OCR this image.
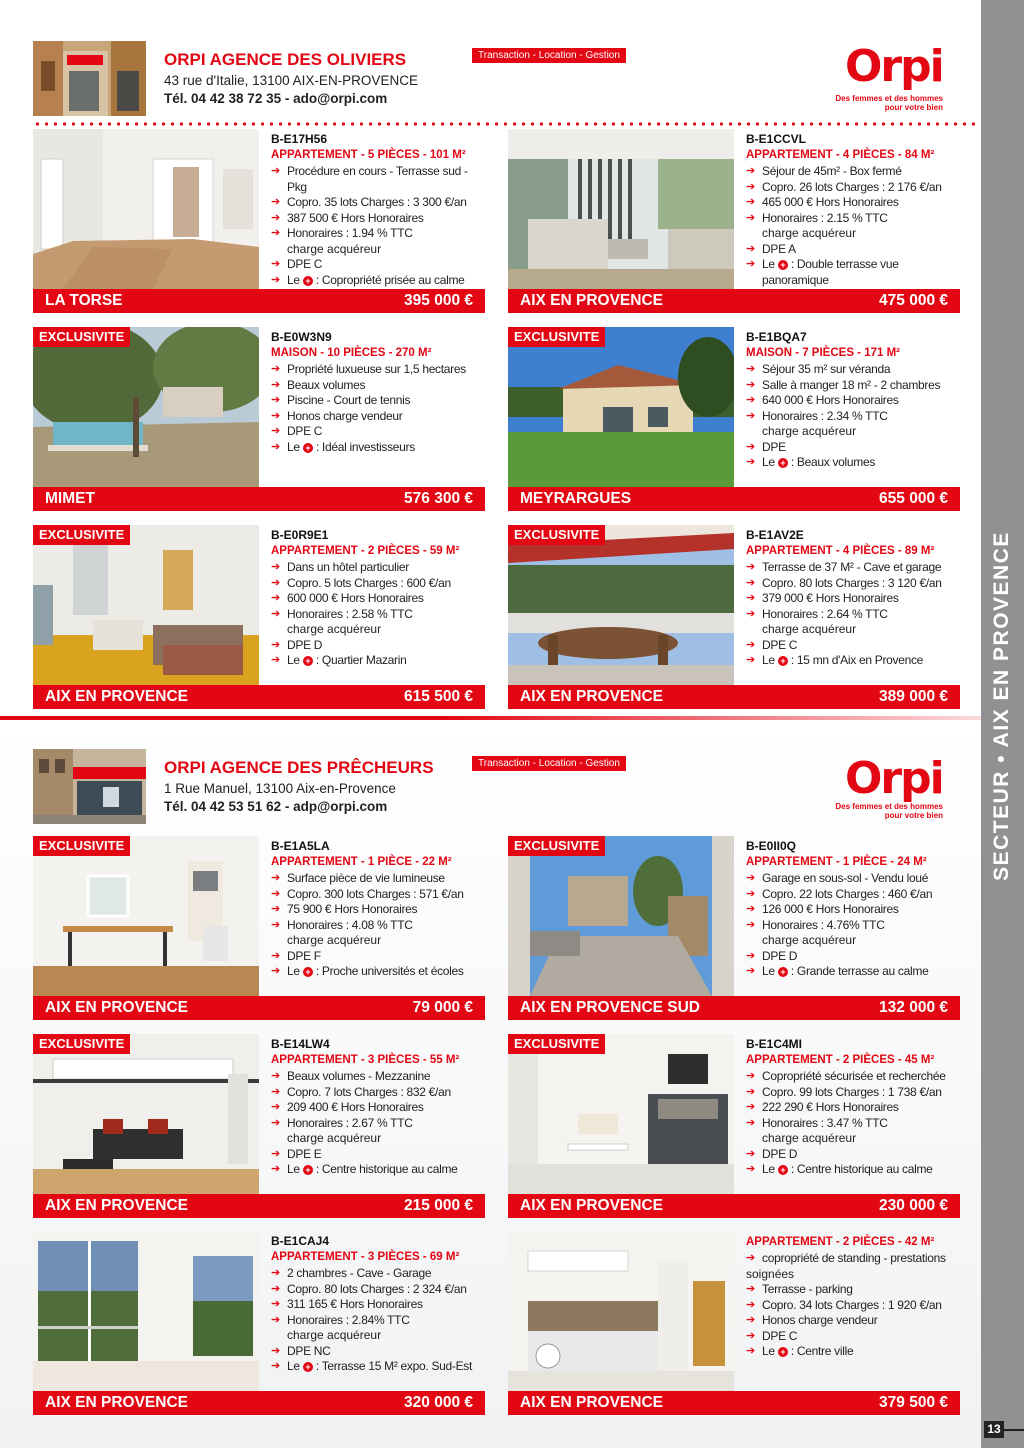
SECTEUR • AIX EN PROVENCE
13
ORPI AGENCE DES OLIVIERS
43 rue d'Italie, 13100 AIX-EN-PROVENCE
Tél. 04 42 38 72 35 - ado@orpi.com
Transaction - Location - Gestion	Orpi
Des femmes et des hommes
pour votre bien
ORPI AGENCE DES PRÊCHEURS
1 Rue Manuel, 13100 Aix-en-Provence
Tél. 04 42 53 51 62 - adp@orpi.com
Transaction - Location - Gestion	Orpi
Des femmes et des hommes
pour votre bien
B-E17H56
APPARTEMENT - 5 PIÈCES - 101 M²
➔ Procédure en cours - Terrasse sud - Pkg
➔ Copro. 35 lots Charges : 3 300 €/an
➔ 387 500 € Hors Honoraires
➔ Honoraires : 1.94 % TTC
charge acquéreur
➔ DPE C
➔ Le + : Copropriété prisée au calme
LA TORSE	395 000 €
B-E1CCVL
APPARTEMENT - 4 PIÈCES - 84 M²
➔ Séjour de 45m² - Box fermé
➔ Copro. 26 lots Charges : 2 176 €/an
➔ 465 000 € Hors Honoraires
➔ Honoraires : 2.15 % TTC
charge acquéreur
➔ DPE A
➔ Le + : Double terrasse vue panoramique
AIX EN PROVENCE	475 000 €
EXCLUSIVITE	B-E0W3N9
MAISON - 10 PIÈCES - 270 M²
➔ Propriété luxueuse sur 1,5 hectares
➔ Beaux volumes
➔ Piscine - Court de tennis
➔ Honos charge vendeur
➔ DPE C
➔ Le + : Idéal investisseurs
MIMET	576 300 €
EXCLUSIVITE	B-E1BQA7
MAISON - 7 PIÈCES - 171 M²
➔ Séjour 35 m² sur véranda
➔ Salle à manger 18 m² - 2 chambres
➔ 640 000 € Hors Honoraires
➔ Honoraires : 2.34 % TTC
charge acquéreur
➔ DPE
➔ Le + : Beaux volumes
MEYRARGUES	655 000 €
EXCLUSIVITE	B-E0R9E1
APPARTEMENT - 2 PIÈCES - 59 M²
➔ Dans un hôtel particulier
➔ Copro. 5 lots Charges : 600 €/an
➔ 600 000 € Hors Honoraires
➔ Honoraires : 2.58 % TTC
charge acquéreur
➔ DPE D
➔ Le + : Quartier Mazarin
AIX EN PROVENCE	615 500 €
EXCLUSIVITE	B-E1AV2E
APPARTEMENT - 4 PIÈCES - 89 M²
➔ Terrasse de 37 M² - Cave et garage
➔ Copro. 80 lots Charges : 3 120 €/an
➔ 379 000 € Hors Honoraires
➔ Honoraires : 2.64 % TTC
charge acquéreur
➔ DPE C
➔ Le + : 15 mn d'Aix en Provence
AIX EN PROVENCE	389 000 €
EXCLUSIVITE	B-E1A5LA
APPARTEMENT - 1 PIÈCE - 22 M²
➔ Surface pièce de vie lumineuse
➔ Copro. 300 lots Charges : 571 €/an
➔ 75 900 € Hors Honoraires
➔ Honoraires : 4.08 % TTC
charge acquéreur
➔ DPE F
➔ Le + : Proche universités et écoles
AIX EN PROVENCE	79 000 €
EXCLUSIVITE	B-E0II0Q
APPARTEMENT - 1 PIÈCE - 24 M²
➔ Garage en sous-sol - Vendu loué
➔ Copro. 22 lots Charges : 460 €/an
➔ 126 000 € Hors Honoraires
➔ Honoraires : 4.76% TTC
charge acquéreur
➔ DPE D
➔ Le + : Grande terrasse au calme
AIX EN PROVENCE SUD	132 000 €
EXCLUSIVITE	B-E14LW4
APPARTEMENT - 3 PIÈCES - 55 M²
➔ Beaux volumes - Mezzanine
➔ Copro. 7 lots Charges : 832 €/an
➔ 209 400 € Hors Honoraires
➔ Honoraires : 2.67 % TTC
charge acquéreur
➔ DPE E
➔ Le + : Centre historique au calme
AIX EN PROVENCE	215 000 €
EXCLUSIVITE	B-E1C4MI
APPARTEMENT - 2 PIÈCES - 45 M²
➔ Copropriété sécurisée et recherchée
➔ Copro. 99 lots Charges : 1 738 €/an
➔ 222 290 € Hors Honoraires
➔ Honoraires : 3.47 % TTC
charge acquéreur
➔ DPE D
➔ Le + : Centre historique au calme
AIX EN PROVENCE	230 000 €
B-E1CAJ4
APPARTEMENT - 3 PIÈCES - 69 M²
➔ 2 chambres - Cave - Garage
➔ Copro. 80 lots Charges : 2 324 €/an
➔ 311 165 € Hors Honoraires
➔ Honoraires : 2.84% TTC
charge acquéreur
➔ DPE NC
➔ Le + : Terrasse 15 M² expo. Sud-Est
AIX EN PROVENCE	320 000 €
APPARTEMENT - 2 PIÈCES - 42 M²
➔ copropriété de standing - prestations
soignées
➔ Terrasse - parking
➔ Copro. 34 lots Charges : 1 920 €/an
➔ Honos charge vendeur
➔ DPE C
➔ Le + : Centre ville
AIX EN PROVENCE	379 500 €
